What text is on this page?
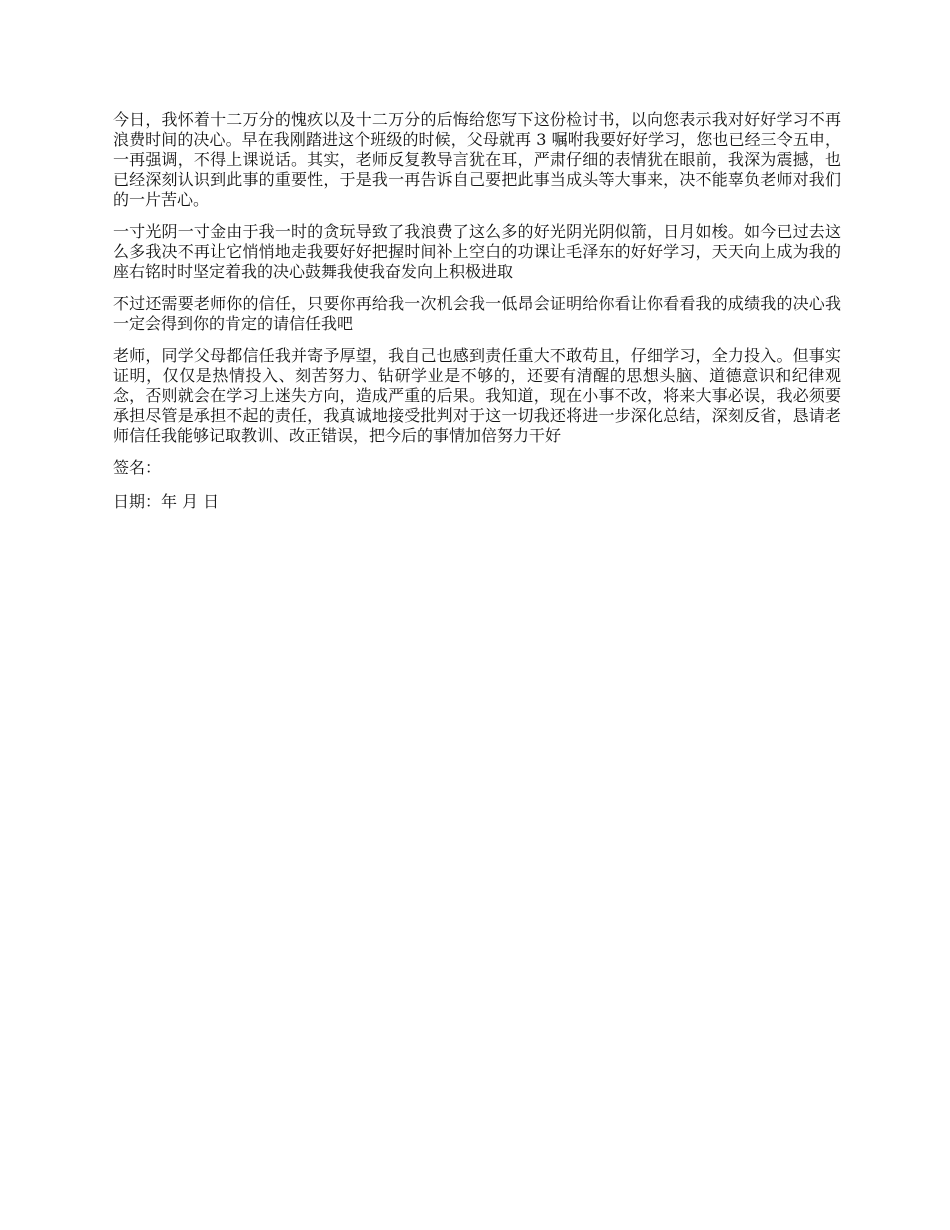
今日，我怀着十二万分的愧疚以及十二万分的后悔给您写下这份检讨书，以向您表示我对好好学习不再浪费时间的决心。早在我刚踏进这个班级的时候，父母就再 3 嘱咐我要好好学习，您也已经三令五申，一再强调，不得上课说话。其实，老师反复教导言犹在耳，严肃仔细的表情犹在眼前，我深为震撼，也已经深刻认识到此事的重要性，于是我一再告诉自己要把此事当成头等大事来，决不能辜负老师对我们的一片苦心。

一寸光阴一寸金由于我一时的贪玩导致了我浪费了这么多的好光阴光阴似箭，日月如梭。如今已过去这么多我决不再让它悄悄地走我要好好把握时间补上空白的功课让毛泽东的好好学习，天天向上成为我的座右铭时时坚定着我的决心鼓舞我使我奋发向上积极进取

不过还需要老师你的信任，只要你再给我一次机会我一低昂会证明给你看让你看看我的成绩我的决心我一定会得到你的肯定的请信任我吧

老师，同学父母都信任我并寄予厚望，我自己也感到责任重大不敢苟且，仔细学习，全力投入。但事实证明，仅仅是热情投入、刻苦努力、钻研学业是不够的，还要有清醒的思想头脑、道德意识和纪律观念，否则就会在学习上迷失方向，造成严重的后果。我知道，现在小事不改，将来大事必误，我必须要承担尽管是承担不起的责任，我真诚地接受批判对于这一切我还将进一步深化总结，深刻反省，恳请老师信任我能够记取教训、改正错误，把今后的事情加倍努力干好

签名：

日期：年 月 日
